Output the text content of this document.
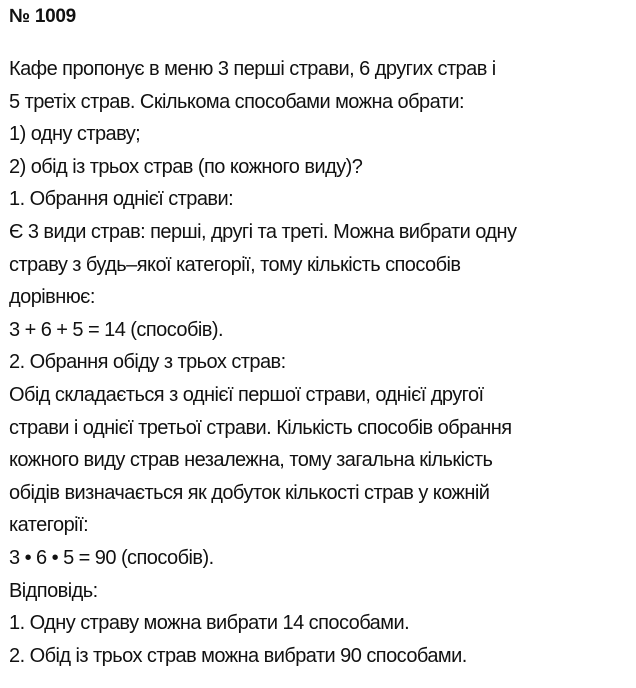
№ 1009
Кафе пропонує в меню 3 перші страви, 6 других страв і
5 третіх страв. Скількома способами можна обрати:
1) одну страву;
2) обід із трьох страв (по кожного виду)?
1. Обрання однієї страви:
Є 3 види страв: перші, другі та треті. Можна вибрати одну
страву з будь–якої категорії, тому кількість способів
дорівнює:
3 + 6 + 5 = 14 (способів).
2. Обрання обіду з трьох страв:
Обід складається з однієї першої страви, однієї другої
страви і однієї третьої страви. Кількість способів обрання
кожного виду страв незалежна, тому загальна кількість
обідів визначається як добуток кількості страв у кожній
категорії:
3 • 6 • 5 = 90 (способів).
Відповідь:
1. Одну страву можна вибрати 14 способами.
2. Обід із трьох страв можна вибрати 90 способами.
